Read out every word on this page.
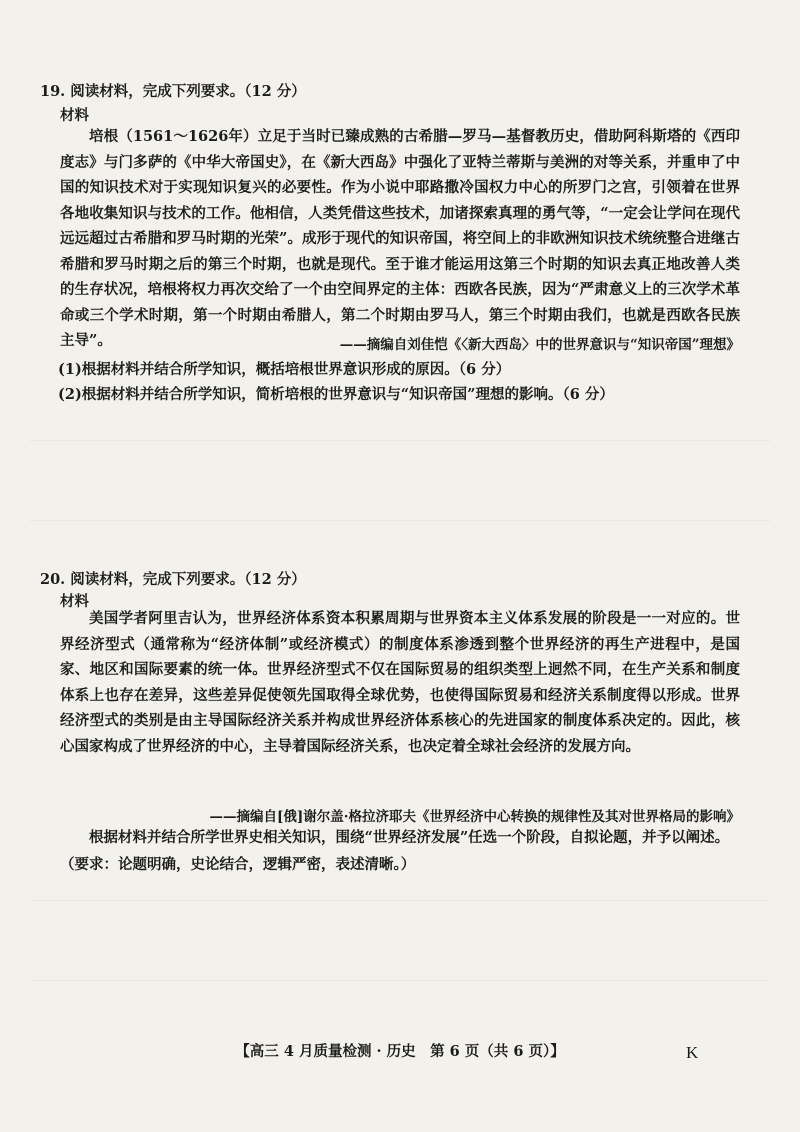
19. 阅读材料，完成下列要求。（12 分）
材料

培根（1561～1626年）立足于当时已臻成熟的古希腊—罗马—基督教历史，借助阿科斯塔的《西印度志》与门多萨的《中华大帝国史》，在《新大西岛》中强化了亚特兰蒂斯与美洲的对等关系，并重申了中国的知识技术对于实现知识复兴的必要性。作为小说中耶路撒冷国权力中心的所罗门之宫，引领着在世界各地收集知识与技术的工作。他相信，人类凭借这些技术，加诸探索真理的勇气等，“一定会让学问在现代远远超过古希腊和罗马时期的光荣”。成形于现代的知识帝国，将空间上的非欧洲知识技术统统整合进继古希腊和罗马时期之后的第三个时期，也就是现代。至于谁才能运用这第三个时期的知识去真正地改善人类的生存状况，培根将权力再次交给了一个由空间界定的主体：西欧各民族，因为“严肃意义上的三次学术革命或三个学术时期，第一个时期由希腊人，第二个时期由罗马人，第三个时期由我们，也就是西欧各民族主导”。	——摘编自刘佳恺《〈新大西岛〉中的世界意识与“知识帝国”理想》

(1)根据材料并结合所学知识，概括培根世界意识形成的原因。（6 分）

(2)根据材料并结合所学知识，简析培根的世界意识与“知识帝国”理想的影响。（6 分）

20. 阅读材料，完成下列要求。（12 分）
材料

美国学者阿里吉认为，世界经济体系资本积累周期与世界资本主义体系发展的阶段是一一对应的。世界经济型式（通常称为“经济体制”或经济模式）的制度体系渗透到整个世界经济的再生产进程中，是国家、地区和国际要素的统一体。世界经济型式不仅在国际贸易的组织类型上迥然不同，在生产关系和制度体系上也存在差异，这些差异促使领先国取得全球优势，也使得国际贸易和经济关系制度得以形成。世界经济型式的类别是由主导国际经济关系并构成世界经济体系核心的先进国家的制度体系决定的。因此，核心国家构成了世界经济的中心，主导着国际经济关系，也决定着全球社会经济的发展方向。

——摘编自[俄]谢尔盖·格拉济耶夫《世界经济中心转换的规律性及其对世界格局的影响》

根据材料并结合所学世界史相关知识，围绕“世界经济发展”任选一个阶段，自拟论题，并予以阐述。（要求：论题明确，史论结合，逻辑严密，表述清晰。）

【高三 4 月质量检测 · 历史　第 6 页（共 6 页）】	K
